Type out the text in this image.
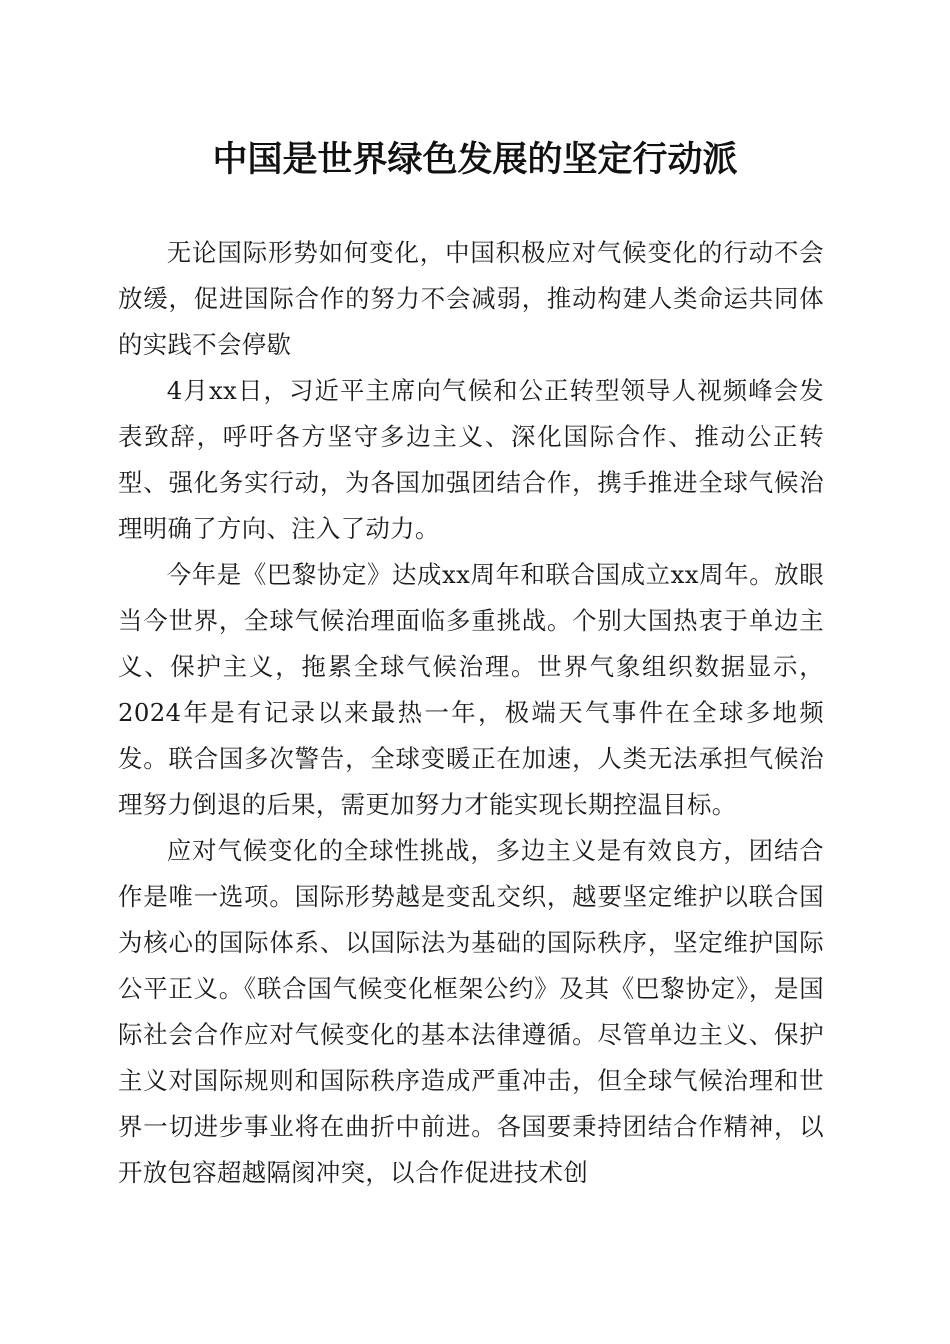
中国是世界绿色发展的坚定行动派

无论国际形势如何变化，中国积极应对气候变化的行动不会放缓，促进国际合作的努力不会减弱，推动构建人类命运共同体的实践不会停歇

4月xx日，习近平主席向气候和公正转型领导人视频峰会发表致辞，呼吁各方坚守多边主义、深化国际合作、推动公正转型、强化务实行动，为各国加强团结合作，携手推进全球气候治理明确了方向、注入了动力。

今年是《巴黎协定》达成xx周年和联合国成立xx周年。放眼当今世界，全球气候治理面临多重挑战。个别大国热衷于单边主义、保护主义，拖累全球气候治理。世界气象组织数据显示，2024年是有记录以来最热一年，极端天气事件在全球多地频发。联合国多次警告，全球变暖正在加速，人类无法承担气候治理努力倒退的后果，需更加努力才能实现长期控温目标。

应对气候变化的全球性挑战，多边主义是有效良方，团结合作是唯一选项。国际形势越是变乱交织，越要坚定维护以联合国为核心的国际体系、以国际法为基础的国际秩序，坚定维护国际公平正义。《联合国气候变化框架公约》及其《巴黎协定》，是国际社会合作应对气候变化的基本法律遵循。尽管单边主义、保护主义对国际规则和国际秩序造成严重冲击，但全球气候治理和世界一切进步事业将在曲折中前进。各国要秉持团结合作精神，以开放包容超越隔阂冲突，以合作促进技术创
